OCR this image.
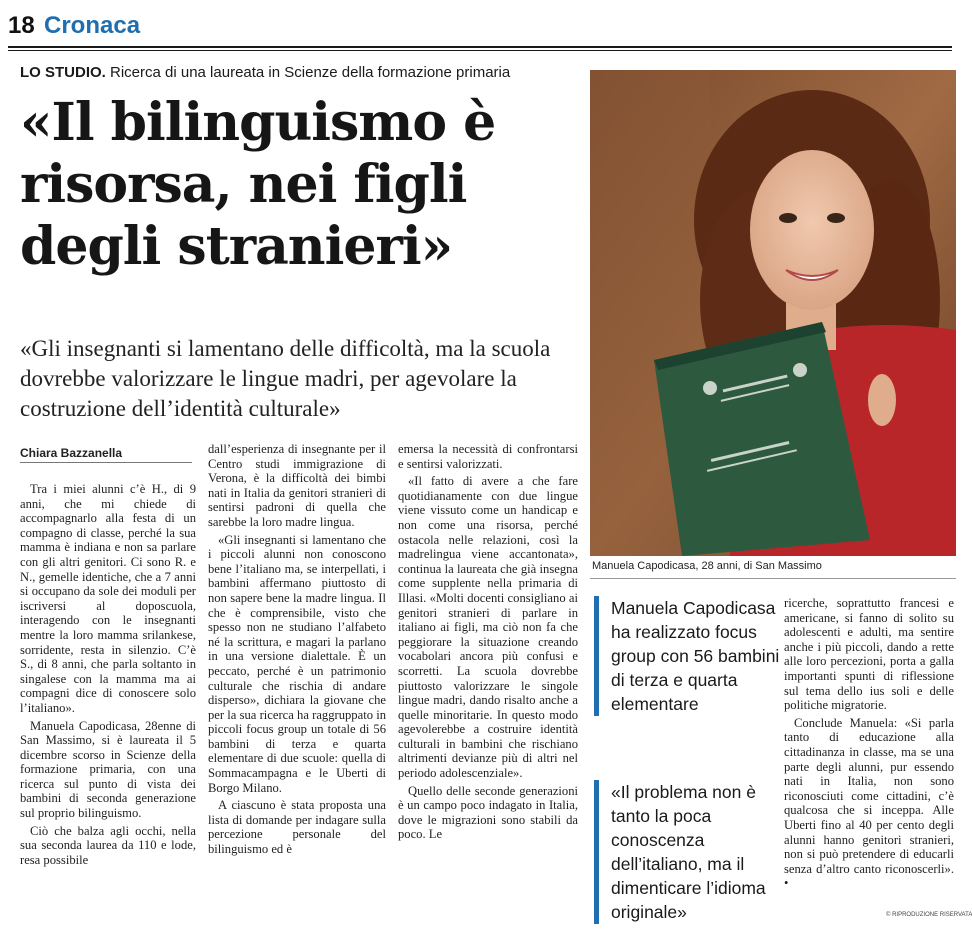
18 Cronaca
LO STUDIO. Ricerca di una laureata in Scienze della formazione primaria
«Il bilinguismo è risorsa, nei figli degli stranieri»
«Gli insegnanti si lamentano delle difficoltà, ma la scuola dovrebbe valorizzare le lingue madri, per agevolare la costruzione dell’identità culturale»
Chiara Bazzanella

Tra i miei alunni c’è H., di 9 anni, che mi chiede di accompagnarlo alla festa di un compagno di classe, perché la sua mamma è indiana e non sa parlare con gli altri genitori. Ci sono R. e N., gemelle identiche, che a 7 anni si occupano da sole dei moduli per iscriversi al doposcuola, interagendo con le insegnanti mentre la loro mamma srilankese, sorridente, resta in silenzio. C’è S., di 8 anni, che parla soltanto in singalese con la mamma ma ai compagni dice di conoscere solo l’italiano».

Manuela Capodicasa, 28enne di San Massimo, si è laureata il 5 dicembre scorso in Scienze della formazione primaria, con una ricerca sul punto di vista dei bambini di seconda generazione sul proprio bilinguismo.

Ciò che balza agli occhi, nella sua seconda laurea da 110 e lode, resa possibile

dall’esperienza di insegnante per il Centro studi immigrazione di Verona, è la difficoltà dei bimbi nati in Italia da genitori stranieri di sentirsi padroni di quella che sarebbe la loro madre lingua.

«Gli insegnanti si lamentano che i piccoli alunni non conoscono bene l’italiano ma, se interpellati, i bambini affermano piuttosto di non sapere bene la madre lingua. Il che è comprensibile, visto che spesso non ne studiano l’alfabeto né la scrittura, e magari la parlano in una versione dialettale. È un peccato, perché è un patrimonio culturale che rischia di andare disperso», dichiara la giovane che per la sua ricerca ha raggruppato in piccoli focus group un totale di 56 bambini di terza e quarta elementare di due scuole: quella di Sommacampagna e le Uberti di Borgo Milano.

A ciascuno è stata proposta una lista di domande per indagare sulla percezione personale del bilinguismo ed è

emersa la necessità di confrontarsi e sentirsi valorizzati.

«Il fatto di avere a che fare quotidianamente con due lingue viene vissuto come un handicap e non come una risorsa, perché ostacola nelle relazioni, così la madrelingua viene accantonata», continua la laureata che già insegna come supplente nella primaria di Illasi. «Molti docenti consigliano ai genitori stranieri di parlare in italiano ai figli, ma ciò non fa che peggiorare la situazione creando vocabolari ancora più confusi e scorretti. La scuola dovrebbe piuttosto valorizzare le singole lingue madri, dando risalto anche a quelle minoritarie. In questo modo agevolerebbe a costruire identità culturali in bambini che rischiano altrimenti devianze più di altri nel periodo adolescenziale».

Quello delle seconde generazioni è un campo poco indagato in Italia, dove le migrazioni sono stabili da poco. Le

Manuela Capodicasa, 28 anni, di San Massimo
Manuela Capodicasa ha realizzato focus group con 56 bambini di terza e quarta elementare
«Il problema non è tanto la poca conoscenza dell’italiano, ma il dimenticare l’idioma originale»

ricerche, soprattutto francesi e americane, si fanno di solito su adolescenti e adulti, ma sentire anche i più piccoli, dando a rette alle loro percezioni, porta a galla importanti spunti di riflessione sul tema dello ius soli e delle politiche migratorie.

Conclude Manuela: «Si parla tanto di educazione alla cittadinanza in classe, ma se una parte degli alunni, pur essendo nati in Italia, non sono riconosciuti come cittadini, c’è qualcosa che si inceppa. Alle Uberti fino al 40 per cento degli alunni hanno genitori stranieri, non si può pretendere di educarli senza d’altro canto riconoscerli». •

© RIPRODUZIONE RISERVATA
